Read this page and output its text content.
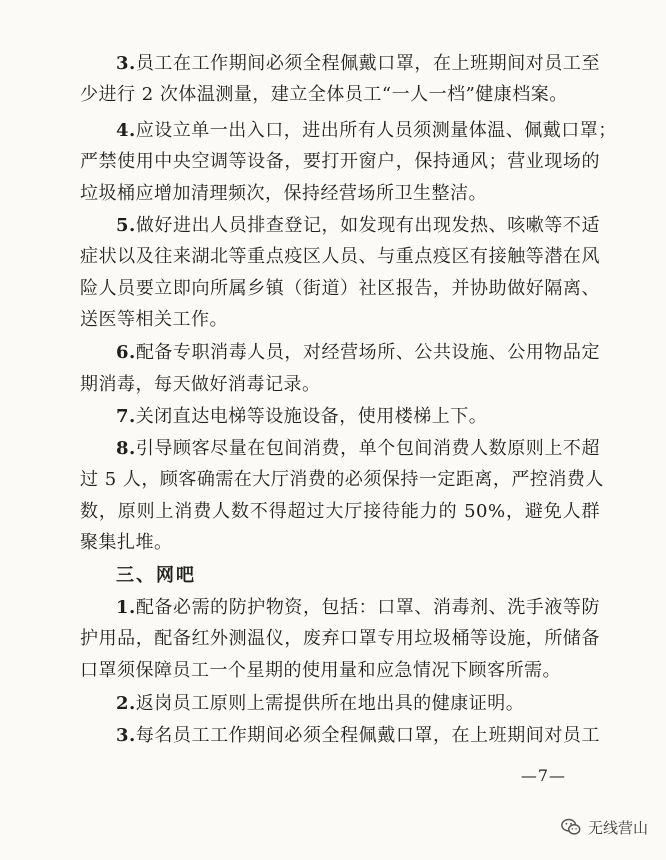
3.员工在工作期间必须全程佩戴口罩，在上班期间对员工至
少进行 2 次体温测量，建立全体员工“一人一档”健康档案。
4.应设立单一出入口，进出所有人员须测量体温、佩戴口罩；
严禁使用中央空调等设备，要打开窗户，保持通风；营业现场的
垃圾桶应增加清理频次，保持经营场所卫生整洁。
5.做好进出人员排查登记，如发现有出现发热、咳嗽等不适
症状以及往来湖北等重点疫区人员、与重点疫区有接触等潜在风
险人员要立即向所属乡镇（街道）社区报告，并协助做好隔离、
送医等相关工作。
6.配备专职消毒人员，对经营场所、公共设施、公用物品定
期消毒，每天做好消毒记录。
7.关闭直达电梯等设施设备，使用楼梯上下。
8.引导顾客尽量在包间消费，单个包间消费人数原则上不超
过 5 人，顾客确需在大厅消费的必须保持一定距离，严控消费人
数，原则上消费人数不得超过大厅接待能力的 50%，避免人群
聚集扎堆。
三、网吧
1.配备必需的防护物资，包括：口罩、消毒剂、洗手液等防
护用品，配备红外测温仪，废弃口罩专用垃圾桶等设施，所储备
口罩须保障员工一个星期的使用量和应急情况下顾客所需。
2.返岗员工原则上需提供所在地出具的健康证明。
3.每名员工工作期间必须全程佩戴口罩，在上班期间对员工
—7—
无线营山
